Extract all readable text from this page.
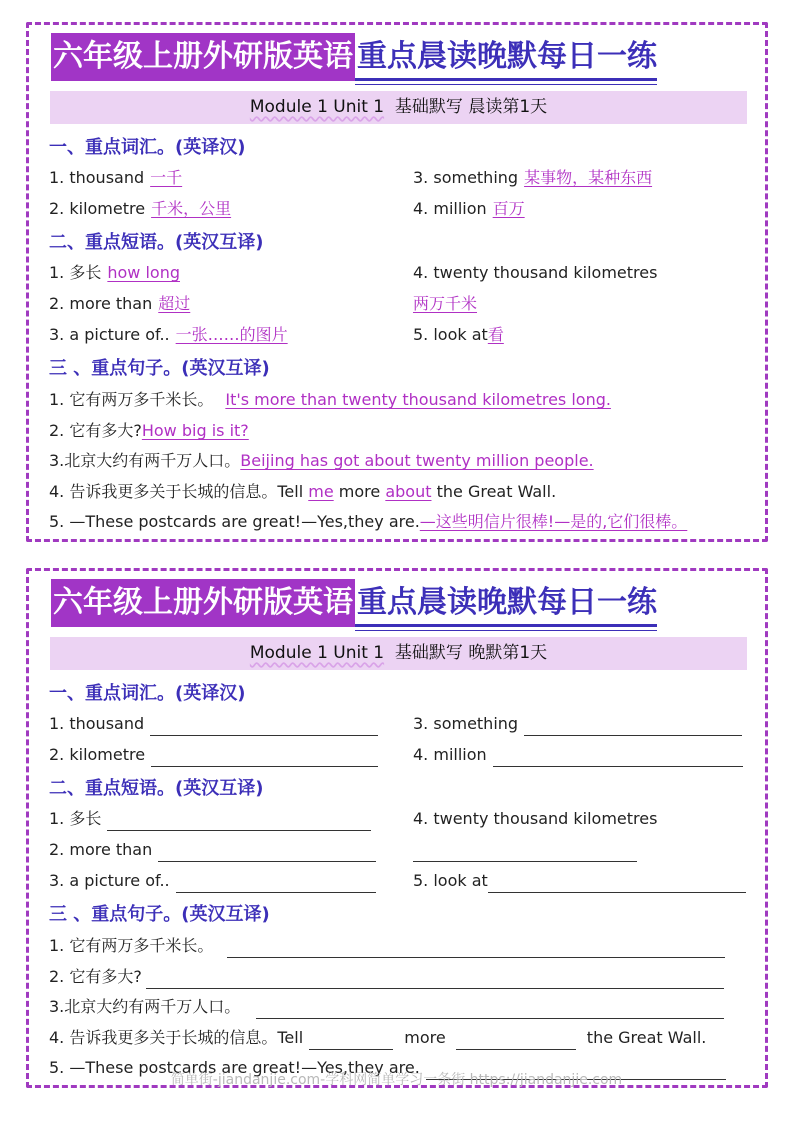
六年级上册外研版英语 重点晨读晚默每日一练
Module 1 Unit 1 基础默写 晨读第1天
一、重点词汇。(英译汉)
1. thousand 一千	3. something 某事物，某种东西
2. kilometre 千米，公里	4. million 百万
二、重点短语。(英汉互译)
1. 多长 how long	4. twenty thousand kilometres
2. more than 超过	两万千米
3. a picture of.. 一张……的图片	5. look at看
三 、重点句子。(英汉互译)
1. 它有两万多千米长。 It's more than twenty thousand kilometres long.
2. 它有多大?How big is it?
3.北京大约有两千万人口。Beijing has got about twenty million people.
4. 告诉我更多关于长城的信息。Tell me more about the Great Wall.
5. —These postcards are great!—Yes,they are.—这些明信片很棒!—是的,它们很棒。
六年级上册外研版英语 重点晨读晚默每日一练
Module 1 Unit 1 基础默写 晚默第1天
一、重点词汇。(英译汉)
1. thousand	3. something
2. kilometre	4. million
二、重点短语。(英汉互译)
1. 多长	4. twenty thousand kilometres
2. more than
3. a picture of..	5. look at
三 、重点句子。(英汉互译)
1. 它有两万多千米长。
2. 它有多大?
3.北京大约有两千万人口。
4. 告诉我更多关于长城的信息。Tell	more	the Great Wall.
5. —These postcards are great!—Yes,they are.
简单街-jiandanjie.com-学科网简单学习一条街 https://jiandanjie.com
